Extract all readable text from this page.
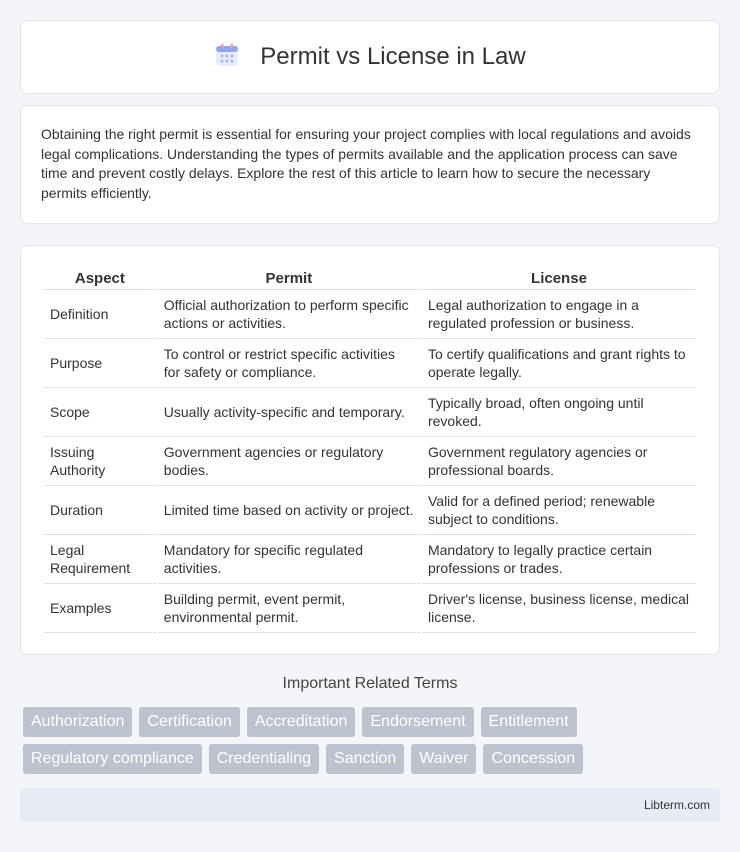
Permit vs License in Law

Obtaining the right permit is essential for ensuring your project complies with local regulations and avoids legal complications. Understanding the types of permits available and the application process can save time and prevent costly delays. Explore the rest of this article to learn how to secure the necessary permits efficiently.

Aspect	Permit	License
Definition	Official authorization to perform specific actions or activities.	Legal authorization to engage in a regulated profession or business.
Purpose	To control or restrict specific activities for safety or compliance.	To certify qualifications and grant rights to operate legally.
Scope	Usually activity-specific and temporary.	Typically broad, often ongoing until revoked.
Issuing Authority	Government agencies or regulatory bodies.	Government regulatory agencies or professional boards.
Duration	Limited time based on activity or project.	Valid for a defined period; renewable subject to conditions.
Legal Requirement	Mandatory for specific regulated activities.	Mandatory to legally practice certain professions or trades.
Examples	Building permit, event permit, environmental permit.	Driver's license, business license, medical license.
Important Related Terms
Authorization	Certification	Accreditation	Endorsement	Entitlement
Regulatory compliance	Credentialing	Sanction	Waiver	Concession
Libterm.com
